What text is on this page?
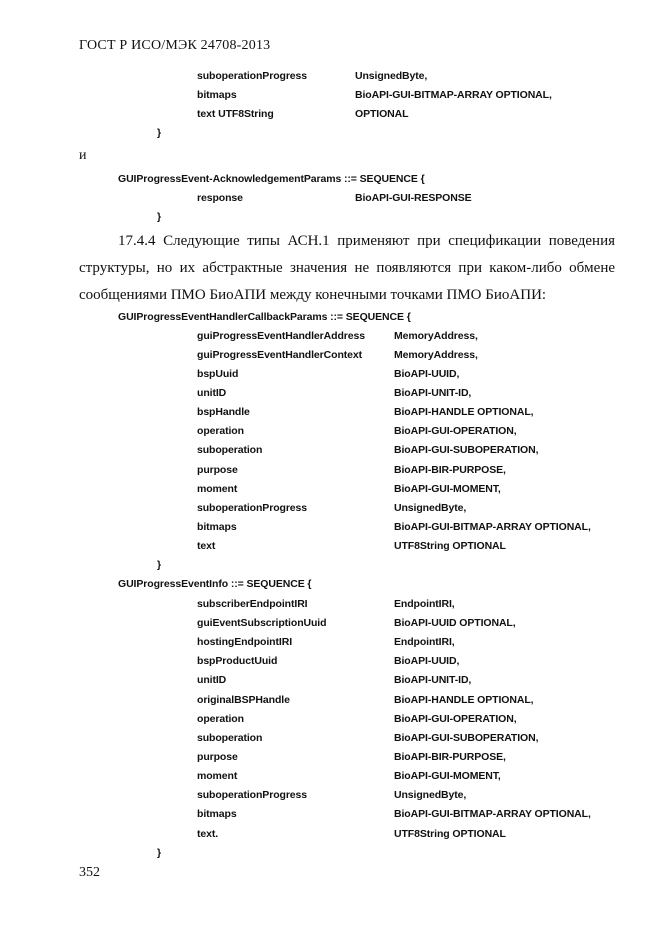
ГОСТ Р ИСО/МЭК 24708-2013
suboperationProgress	UnsignedByte,
bitmaps	BioAPI-GUI-BITMAP-ARRAY OPTIONAL,
text UTF8String	OPTIONAL
}
и
GUIProgressEvent-AcknowledgementParams ::= SEQUENCE {
response	BioAPI-GUI-RESPONSE
}
17.4.4 Следующие типы АСН.1 применяют при спецификации поведения
структуры, но их абстрактные значения не появляются при каком-либо обмене
сообщениями ПМО БиоАПИ между конечными точками ПМО БиоАПИ:
GUIProgressEventHandlerCallbackParams ::= SEQUENCE {
guiProgressEventHandlerAddress	MemoryAddress,
guiProgressEventHandlerContext	MemoryAddress,
bspUuid	BioAPI-UUID,
unitID	BioAPI-UNIT-ID,
bspHandle	BioAPI-HANDLE OPTIONAL,
operation	BioAPI-GUI-OPERATION,
suboperation	BioAPI-GUI-SUBOPERATION,
purpose	BioAPI-BIR-PURPOSE,
moment	BioAPI-GUI-MOMENT,
suboperationProgress	UnsignedByte,
bitmaps	BioAPI-GUI-BITMAP-ARRAY OPTIONAL,
text	UTF8String OPTIONAL
}
GUIProgressEventInfo ::= SEQUENCE {
subscriberEndpointIRI	EndpointIRI,
guiEventSubscriptionUuid	BioAPI-UUID OPTIONAL,
hostingEndpointIRI	EndpointIRI,
bspProductUuid	BioAPI-UUID,
unitID	BioAPI-UNIT-ID,
originalBSPHandle	BioAPI-HANDLE OPTIONAL,
operation	BioAPI-GUI-OPERATION,
suboperation	BioAPI-GUI-SUBOPERATION,
purpose	BioAPI-BIR-PURPOSE,
moment	BioAPI-GUI-MOMENT,
suboperationProgress	UnsignedByte,
bitmaps	BioAPI-GUI-BITMAP-ARRAY OPTIONAL,
text.	UTF8String OPTIONAL
}
352
